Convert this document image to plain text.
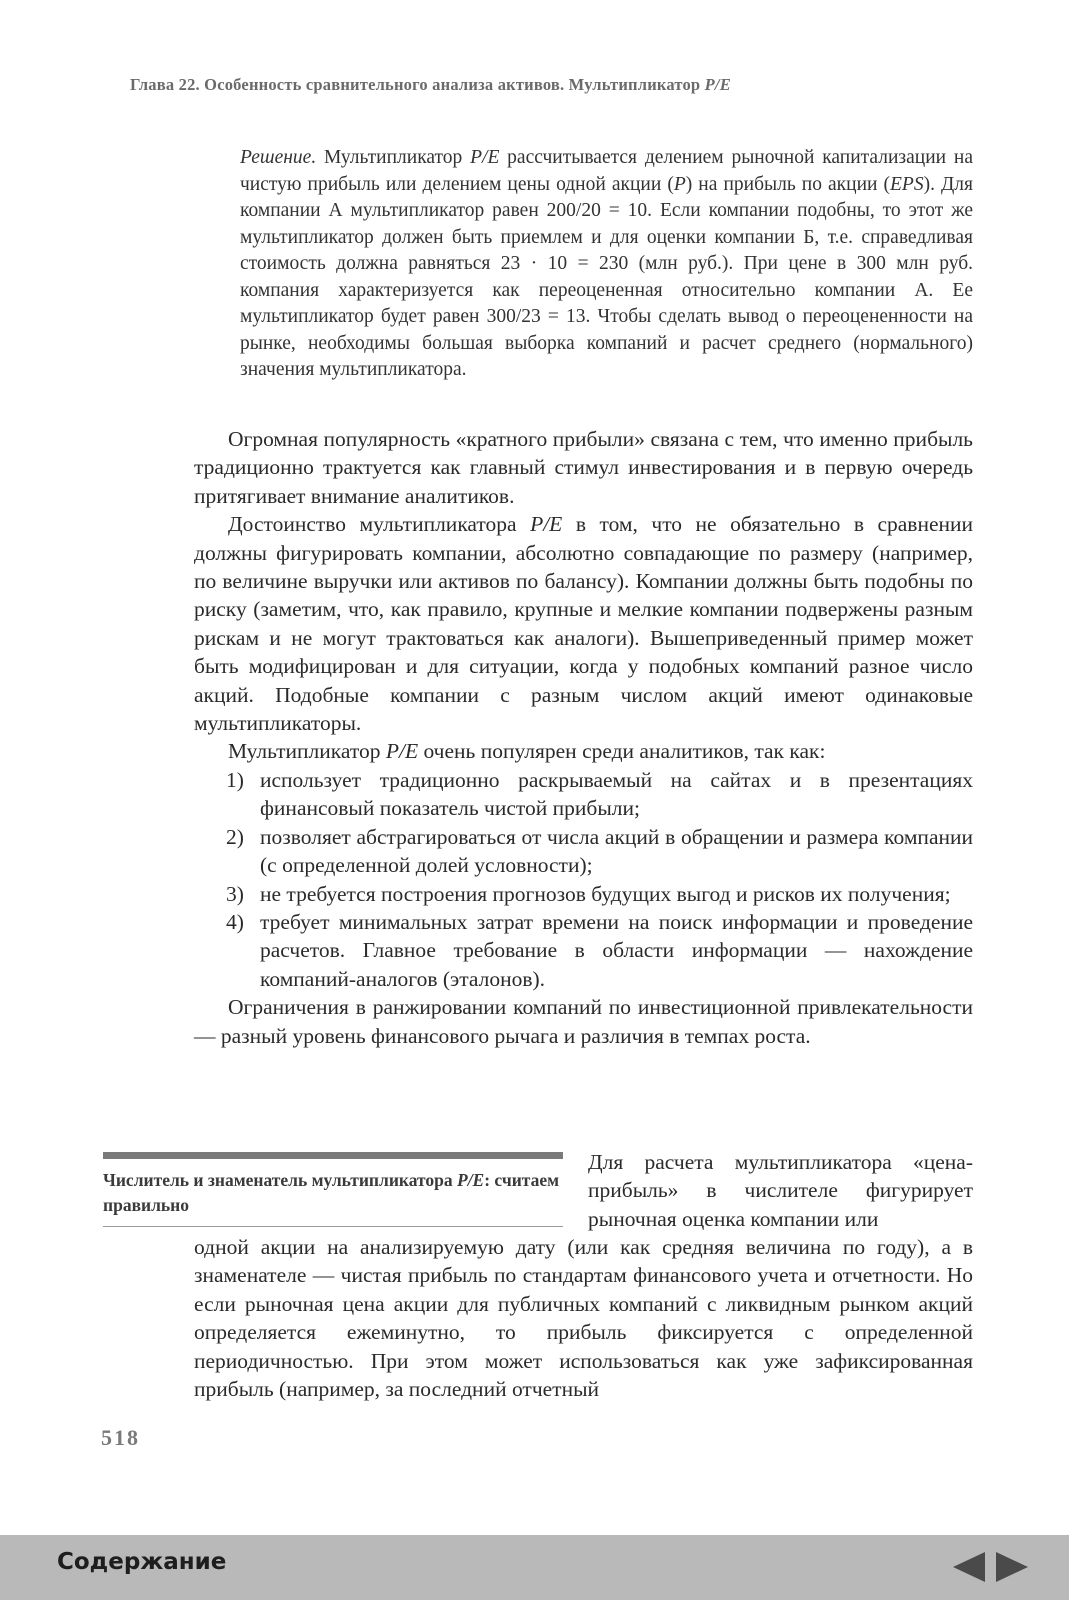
Глава 22. Особенность сравнительного анализа активов. Мультипликатор P/E
Решение. Мультипликатор P/E рассчитывается делением рыночной капитализации на чистую прибыль или делением цены одной акции (P) на прибыль по акции (EPS). Для компании А мультипликатор равен 200/20 = 10. Если компании подобны, то этот же мультипликатор должен быть приемлем и для оценки компании Б, т.е. справедливая стоимость должна равняться 23 · 10 = 230 (млн руб.). При цене в 300 млн руб. компания характеризуется как переоцененная относительно компании А. Ее мультипликатор будет равен 300/23 = 13. Чтобы сделать вывод о переоцененности на рынке, необходимы большая выборка компаний и расчет среднего (нормального) значения мультипликатора.

Огромная популярность «кратного прибыли» связана с тем, что именно прибыль традиционно трактуется как главный стимул инвестирования и в первую очередь притягивает внимание аналитиков.

Достоинство мультипликатора P/E в том, что не обязательно в сравнении должны фигурировать компании, абсолютно совпадающие по размеру (например, по величине выручки или активов по балансу). Компании должны быть подобны по риску (заметим, что, как правило, крупные и мелкие компании подвержены разным рискам и не могут трактоваться как аналоги). Вышеприведенный пример может быть модифицирован и для ситуации, когда у подобных компаний разное число акций. Подобные компании с разным числом акций имеют одинаковые мультипликаторы.

Мультипликатор P/E очень популярен среди аналитиков, так как:

1) использует традиционно раскрываемый на сайтах и в презентациях финансовый показатель чистой прибыли;
2) позволяет абстрагироваться от числа акций в обращении и размера компании (с определенной долей условности);
3) не требуется построения прогнозов будущих выгод и рисков их получения;
4) требует минимальных затрат времени на поиск информации и проведение расчетов. Главное требование в области информации — нахождение компаний-аналогов (эталонов).

Ограничения в ранжировании компаний по инвестиционной привлекательности — разный уровень финансового рычага и различия в темпах роста.

Числитель и знаменатель мультипликатора P/E: считаем правильно
Для расчета мультипликатора «цена-прибыль» в числителе фигурирует рыночная оценка компании или

одной акции на анализируемую дату (или как средняя величина по году), а в знаменателе — чистая прибыль по стандартам финансового учета и отчетности. Но если рыночная цена акции для публичных компаний с ликвидным рынком акций определяется ежеминутно, то прибыль фиксируется с определенной периодичностью. При этом может использоваться как уже зафиксированная прибыль (например, за последний отчетный

518
Содержание
